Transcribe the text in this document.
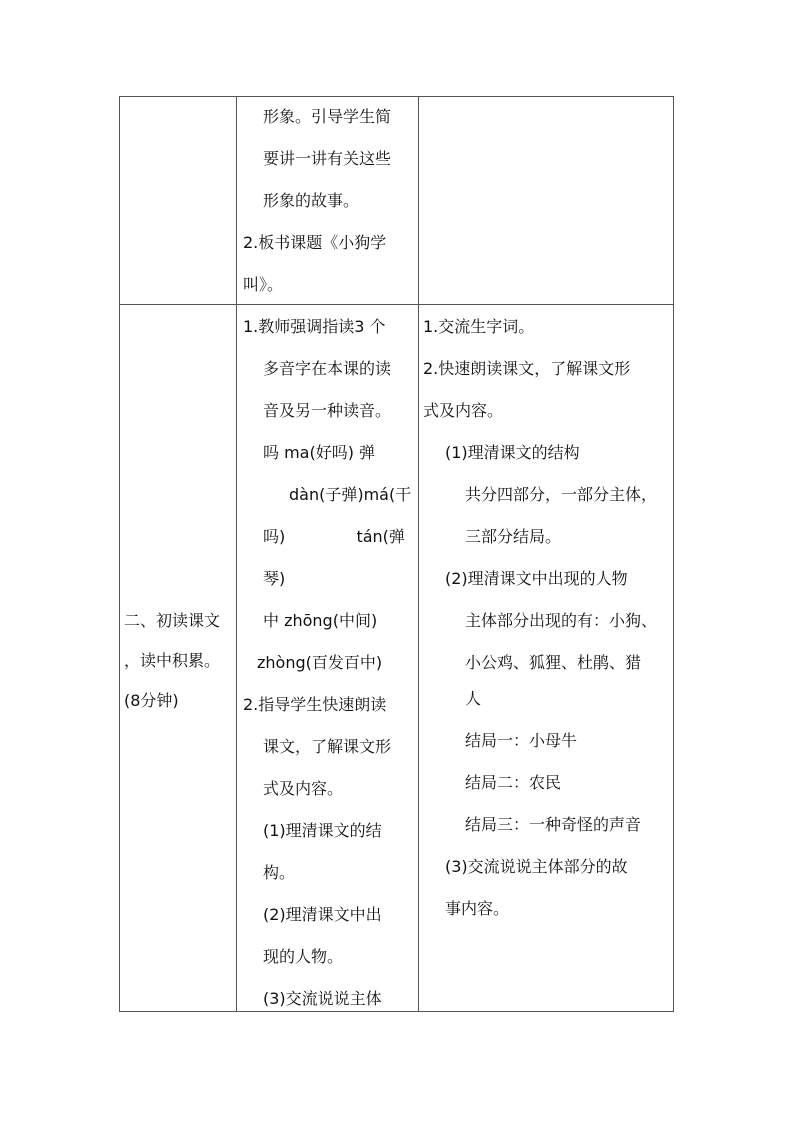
形象。引导学生简

要讲一讲有关这些

形象的故事。

2.板书课题《小狗学

叫》。

二、初读课文

，读中积累。

(8分钟)

1.教师强调指读3 个

多音字在本课的读

音及另一种读音。

吗 ma(好吗) 弹

dàn(子弹)má(干

吗)              tán(弹

琴)

中 zhōng(中间)

zhòng(百发百中)

2.指导学生快速朗读

课文，了解课文形

式及内容。

(1)理清课文的结

构。

(2)理清课文中出

现的人物。

(3)交流说说主体

1.交流生字词。

2.快速朗读课文，了解课文形

式及内容。

(1)理清课文的结构

共分四部分，一部分主体，

三部分结局。

(2)理清课文中出现的人物

主体部分出现的有：小狗、

小公鸡、狐狸、杜鹃、猎

人

结局一：小母牛

结局二：农民

结局三：一种奇怪的声音

(3)交流说说主体部分的故

事内容。
